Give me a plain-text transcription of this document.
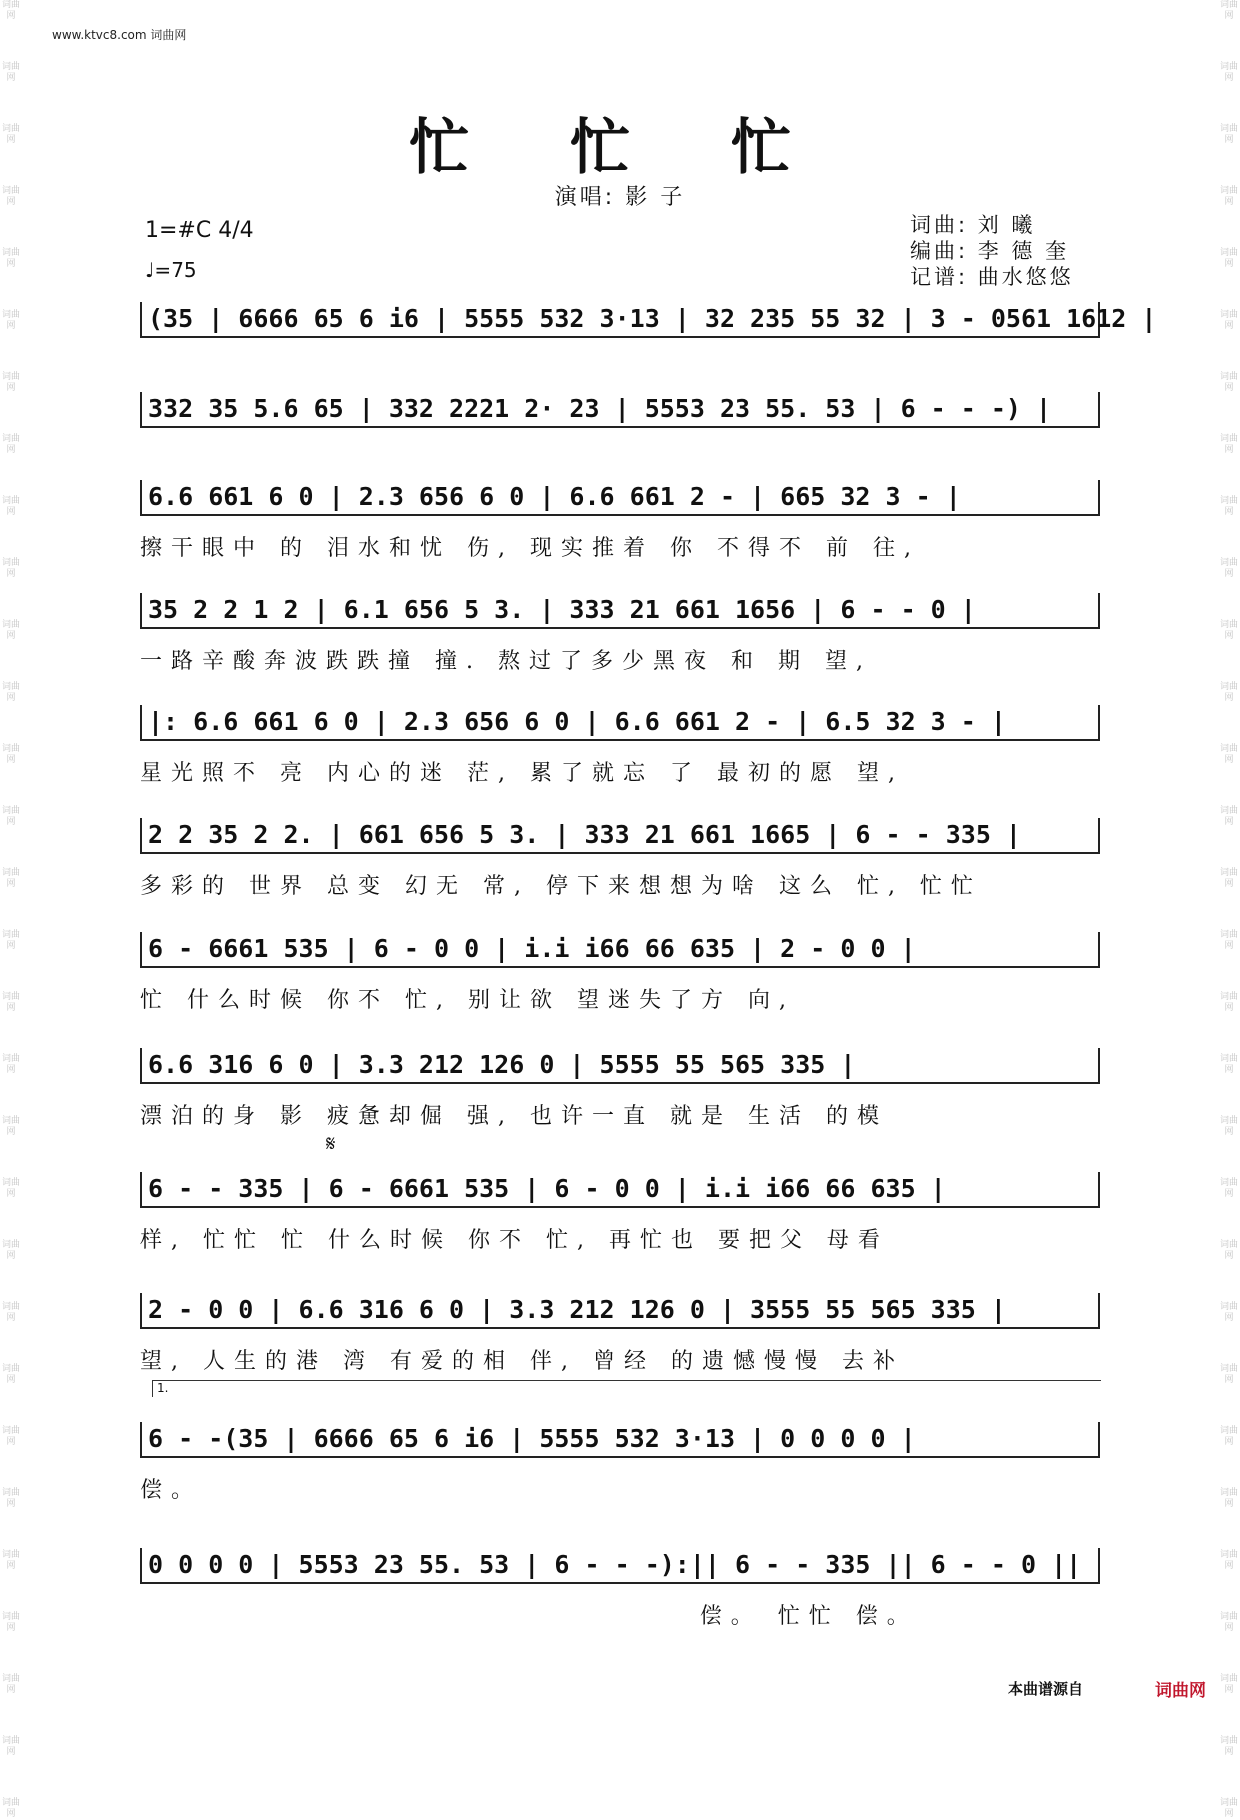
词曲网
词曲网
词曲网
词曲网
词曲网
词曲网
词曲网
词曲网
词曲网
词曲网
词曲网
词曲网
词曲网
词曲网
词曲网
词曲网
词曲网
词曲网
词曲网
词曲网
词曲网
词曲网
词曲网
词曲网
词曲网
词曲网
词曲网
词曲网
词曲网
词曲网
词曲网
词曲网
词曲网
词曲网
词曲网
词曲网
词曲网
词曲网
词曲网
词曲网
词曲网
词曲网
词曲网
词曲网
词曲网
词曲网
词曲网
词曲网
词曲网
词曲网
词曲网
词曲网
词曲网
词曲网
词曲网
词曲网
词曲网
词曲网
词曲网
词曲网
www.ktvc8.com 词曲网
忙 忙 忙
演唱: 影 子
1=#C 4/4
♩=75
词曲: 刘 曦
编曲: 李 德 奎
记谱: 曲水悠悠
(35 | 6666 65 6 i6 | 5555 532 3·13 | 32 235 55 32 | 3 - 0561 1612 |
332 35 5.6 65 | 332 2221 2· 23 | 5553 23 55. 53 | 6 - - -) |
6.6 661 6 0 | 2.3 656 6 0 | 6.6 661 2 - | 665 32 3 - |
擦干眼中 的 泪水和忧 伤, 现实推着 你 不得不 前 往,
35 2 2 1 2 | 6.1 656 5 3. | 333 21 661 1656 | 6 - - 0 |
一路辛酸奔波跌跌撞 撞. 熬过了多少黑夜 和 期 望,
|: 6.6 661 6 0 | 2.3 656 6 0 | 6.6 661 2 - | 6.5 32 3 - |
星光照不 亮 内心的迷 茫, 累了就忘 了 最初的愿 望,
2 2 35 2 2. | 661 656 5 3. | 333 21 661 1665 | 6 - - 335 |
多彩的 世界 总变 幻无 常, 停下来想想为啥 这么 忙, 忙忙
6 - 6661 535 | 6 - 0 0 | i.i i66 66 635 | 2 - 0 0 |
忙 什么时候 你不 忙, 别让欲 望迷失了方 向,
6.6 316 6 0 | 3.3 212 126 0 | 5555 55 565 335 |
漂泊的身 影 疲惫却倔 强, 也许一直 就是 生活 的模
6 - - 335 | 6 - 6661 535 | 6 - 0 0 | i.i i66 66 635 |
样, 忙忙 忙 什么时候 你不 忙, 再忙也 要把父 母看
2 - 0 0 | 6.6 316 6 0 | 3.3 212 126 0 | 3555 55 565 335 |
望, 人生的港 湾 有爱的相 伴, 曾经 的遗憾慢慢 去补
6 - -(35 | 6666 65 6 i6 | 5555 532 3·13 | 0 0 0 0 |
偿。
0 0 0 0 | 5553 23 55. 53 | 6 - - -):|| 6 - - 335 || 6 - - 0 ||
偿。 忙忙 偿。
𝄋
1.
本曲谱源自	词曲网
